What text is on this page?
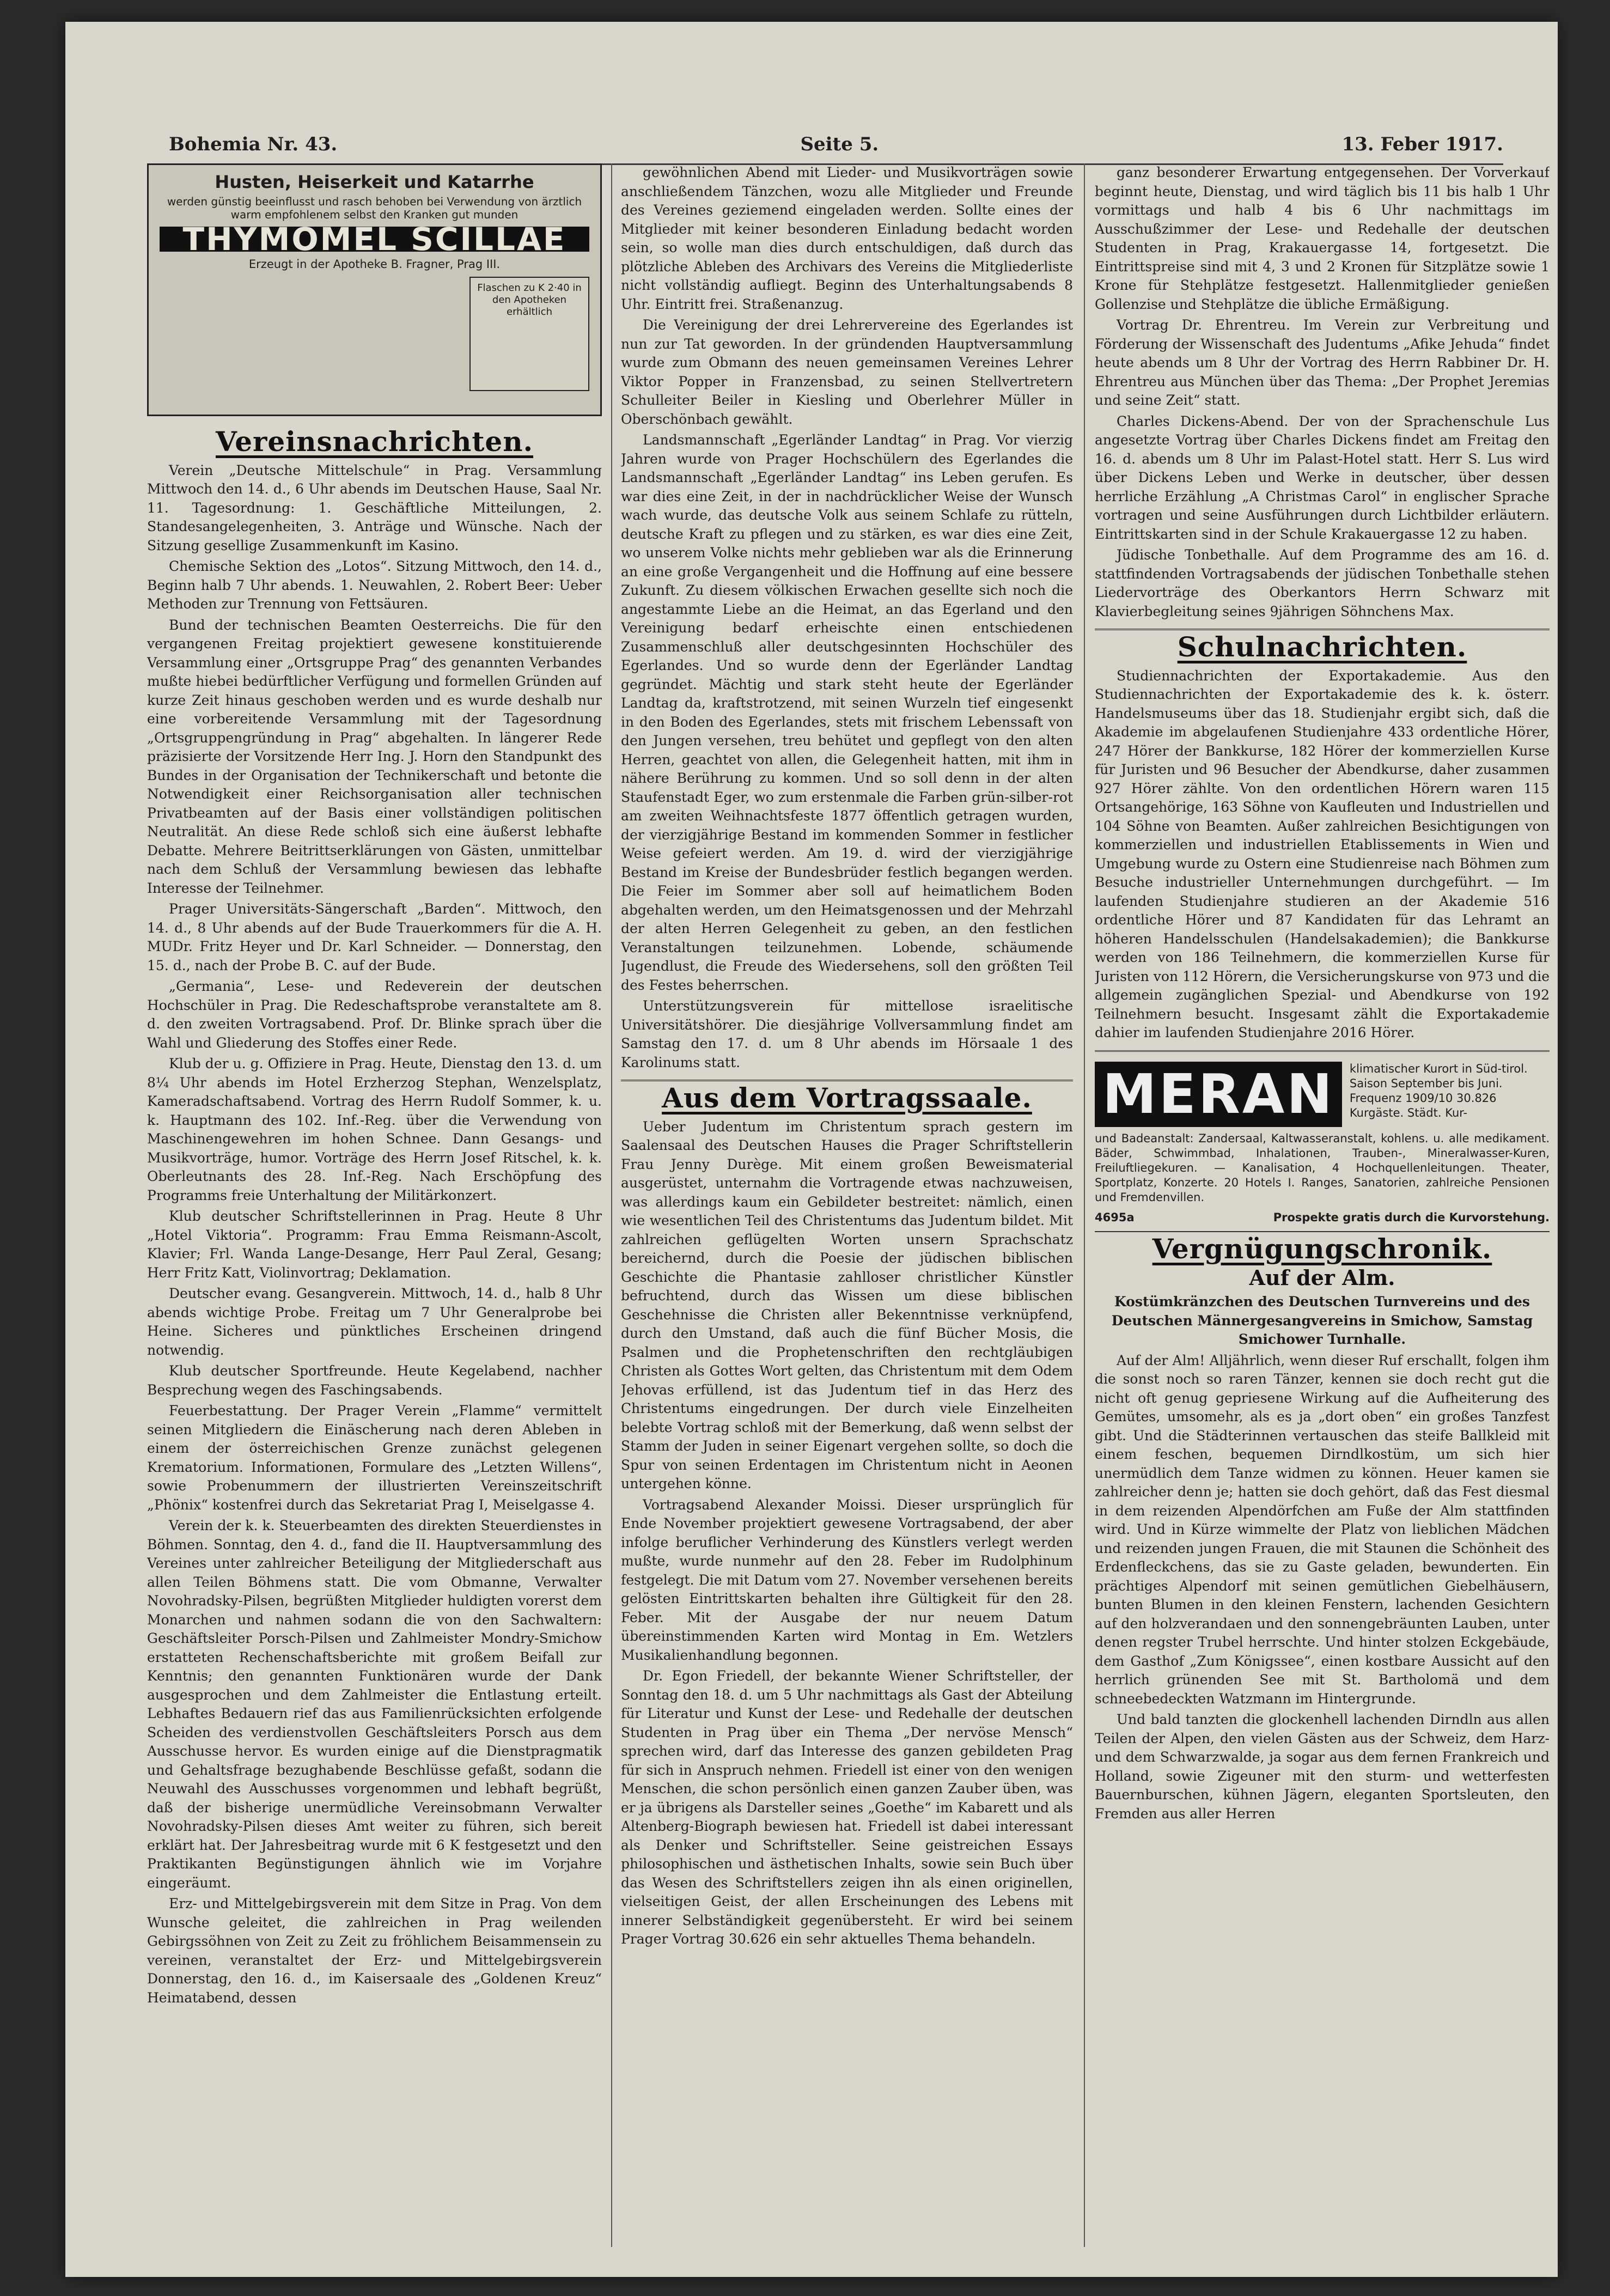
Bohemia Nr. 43.	Seite 5.	13. Feber 1917.
Husten, Heiserkeit und Katarrhe
werden günstig beeinflusst und rasch behoben bei Verwendung von ärztlich warm empfohlenem selbst den Kranken gut munden
THYMOMEL SCILLAE
Erzeugt in der Apotheke B. Fragner, Prag III.
Flaschen zu K 2·40 in den Apotheken erhältlich
Vereinsnachrichten.

Verein „Deutsche Mittelschule“ in Prag. Versammlung Mittwoch den 14. d., 6 Uhr abends im Deutschen Hause, Saal Nr. 11. Tagesordnung: 1. Geschäftliche Mitteilungen, 2. Standesangelegenheiten, 3. Anträge und Wünsche. Nach der Sitzung gesellige Zusammenkunft im Kasino.

Chemische Sektion des „Lotos“. Sitzung Mittwoch, den 14. d., Beginn halb 7 Uhr abends. 1. Neuwahlen, 2. Robert Beer: Ueber Methoden zur Trennung von Fettsäuren.

Bund der technischen Beamten Oesterreichs. Die für den vergangenen Freitag projektiert gewesene konstituierende Versammlung einer „Ortsgruppe Prag“ des genannten Verbandes mußte hiebei bedürftlicher Verfügung und formellen Gründen auf kurze Zeit hinaus geschoben werden und es wurde deshalb nur eine vorbereitende Versammlung mit der Tagesordnung „Ortsgruppengründung in Prag“ abgehalten. In längerer Rede präzisierte der Vorsitzende Herr Ing. J. Horn den Standpunkt des Bundes in der Organisation der Technikerschaft und betonte die Notwendigkeit einer Reichsorganisation aller technischen Privatbeamten auf der Basis einer vollständigen politischen Neutralität. An diese Rede schloß sich eine äußerst lebhafte Debatte. Mehrere Beitrittserklärungen von Gästen, unmittelbar nach dem Schluß der Versammlung bewiesen das lebhafte Interesse der Teilnehmer.

Prager Universitäts-Sängerschaft „Barden“. Mittwoch, den 14. d., 8 Uhr abends auf der Bude Trauerkommers für die A. H. MUDr. Fritz Heyer und Dr. Karl Schneider. — Donnerstag, den 15. d., nach der Probe B. C. auf der Bude.

„Germania“, Lese- und Redeverein der deutschen Hochschüler in Prag. Die Redeschaftsprobe veranstaltete am 8. d. den zweiten Vortragsabend. Prof. Dr. Blinke sprach über die Wahl und Gliederung des Stoffes einer Rede.

Klub der u. g. Offiziere in Prag. Heute, Dienstag den 13. d. um 8¼ Uhr abends im Hotel Erzherzog Stephan, Wenzelsplatz, Kameradschaftsabend. Vortrag des Herrn Rudolf Sommer, k. u. k. Hauptmann des 102. Inf.-Reg. über die Verwendung von Maschinengewehren im hohen Schnee. Dann Gesangs- und Musikvorträge, humor. Vorträge des Herrn Josef Ritschel, k. k. Oberleutnants des 28. Inf.-Reg. Nach Erschöpfung des Programms freie Unterhaltung der Militärkonzert.

Klub deutscher Schriftstellerinnen in Prag. Heute 8 Uhr „Hotel Viktoria“. Programm: Frau Emma Reismann-Ascolt, Klavier; Frl. Wanda Lange-Desange, Herr Paul Zeral, Gesang; Herr Fritz Katt, Violinvortrag; Deklamation.

Deutscher evang. Gesangverein. Mittwoch, 14. d., halb 8 Uhr abends wichtige Probe. Freitag um 7 Uhr Generalprobe bei Heine. Sicheres und pünktliches Erscheinen dringend notwendig.

Klub deutscher Sportfreunde. Heute Kegelabend, nachher Besprechung wegen des Faschingsabends.

Feuerbestattung. Der Prager Verein „Flamme“ vermittelt seinen Mitgliedern die Einäscherung nach deren Ableben in einem der österreichischen Grenze zunächst gelegenen Krematorium. Informationen, Formulare des „Letzten Willens“, sowie Probenummern der illustrierten Vereinszeitschrift „Phönix“ kostenfrei durch das Sekretariat Prag I, Meiselgasse 4.

Verein der k. k. Steuerbeamten des direkten Steuerdienstes in Böhmen. Sonntag, den 4. d., fand die II. Hauptversammlung des Vereines unter zahlreicher Beteiligung der Mitgliederschaft aus allen Teilen Böhmens statt. Die vom Obmanne, Verwalter Novohradsky-Pilsen, begrüßten Mitglieder huldigten vorerst dem Monarchen und nahmen sodann die von den Sachwaltern: Geschäftsleiter Porsch-Pilsen und Zahlmeister Mondry-Smichow erstatteten Rechenschaftsberichte mit großem Beifall zur Kenntnis; den genannten Funktionären wurde der Dank ausgesprochen und dem Zahlmeister die Entlastung erteilt. Lebhaftes Bedauern rief das aus Familienrücksichten erfolgende Scheiden des verdienstvollen Geschäftsleiters Porsch aus dem Ausschusse hervor. Es wurden einige auf die Dienstpragmatik und Gehaltsfrage bezughabende Beschlüsse gefaßt, sodann die Neuwahl des Ausschusses vorgenommen und lebhaft begrüßt, daß der bisherige unermüdliche Vereinsobmann Verwalter Novohradsky-Pilsen dieses Amt weiter zu führen, sich bereit erklärt hat. Der Jahresbeitrag wurde mit 6 K festgesetzt und den Praktikanten Begünstigungen ähnlich wie im Vorjahre eingeräumt.

Erz- und Mittelgebirgsverein mit dem Sitze in Prag. Von dem Wunsche geleitet, die zahlreichen in Prag weilenden Gebirgssöhnen von Zeit zu Zeit zu fröhlichem Beisammensein zu vereinen, veranstaltet der Erz- und Mittelgebirgsverein Donnerstag, den 16. d., im Kaisersaale des „Goldenen Kreuz“ Heimatabend, dessen

gewöhnlichen Abend mit Lieder- und Musikvorträgen sowie anschließendem Tänzchen, wozu alle Mitglieder und Freunde des Vereines geziemend eingeladen werden. Sollte eines der Mitglieder mit keiner besonderen Einladung bedacht worden sein, so wolle man dies durch entschuldigen, daß durch das plötzliche Ableben des Archivars des Vereins die Mitgliederliste nicht vollständig aufliegt. Beginn des Unterhaltungsabends 8 Uhr. Eintritt frei. Straßenanzug.

Die Vereinigung der drei Lehrervereine des Egerlandes ist nun zur Tat geworden. In der gründenden Hauptversammlung wurde zum Obmann des neuen gemeinsamen Vereines Lehrer Viktor Popper in Franzensbad, zu seinen Stellvertretern Schulleiter Beiler in Kiesling und Oberlehrer Müller in Oberschönbach gewählt.

Landsmannschaft „Egerländer Landtag“ in Prag. Vor vierzig Jahren wurde von Prager Hochschülern des Egerlandes die Landsmannschaft „Egerländer Landtag“ ins Leben gerufen. Es war dies eine Zeit, in der in nachdrücklicher Weise der Wunsch wach wurde, das deutsche Volk aus seinem Schlafe zu rütteln, deutsche Kraft zu pflegen und zu stärken, es war dies eine Zeit, wo unserem Volke nichts mehr geblieben war als die Erinnerung an eine große Vergangenheit und die Hoffnung auf eine bessere Zukunft. Zu diesem völkischen Erwachen gesellte sich noch die angestammte Liebe an die Heimat, an das Egerland und den Vereinigung bedarf erheischte einen entschiedenen Zusammenschluß aller deutschgesinnten Hochschüler des Egerlandes. Und so wurde denn der Egerländer Landtag gegründet. Mächtig und stark steht heute der Egerländer Landtag da, kraftstrotzend, mit seinen Wurzeln tief eingesenkt in den Boden des Egerlandes, stets mit frischem Lebenssaft von den Jungen versehen, treu behütet und gepflegt von den alten Herren, geachtet von allen, die Gelegenheit hatten, mit ihm in nähere Berührung zu kommen. Und so soll denn in der alten Staufenstadt Eger, wo zum erstenmale die Farben grün-silber-rot am zweiten Weihnachtsfeste 1877 öffentlich getragen wurden, der vierzigjährige Bestand im kommenden Sommer in festlicher Weise gefeiert werden. Am 19. d. wird der vierzigjährige Bestand im Kreise der Bundesbrüder festlich begangen werden. Die Feier im Sommer aber soll auf heimatlichem Boden abgehalten werden, um den Heimatsgenossen und der Mehrzahl der alten Herren Gelegenheit zu geben, an den festlichen Veranstaltungen teilzunehmen. Lobende, schäumende Jugendlust, die Freude des Wiedersehens, soll den größten Teil des Festes beherrschen.

Unterstützungsverein für mittellose israelitische Universitätshörer. Die diesjährige Vollversammlung findet am Samstag den 17. d. um 8 Uhr abends im Hörsaale 1 des Karolinums statt.

Aus dem Vortragssaale.

Ueber Judentum im Christentum sprach gestern im Saalensaal des Deutschen Hauses die Prager Schriftstellerin Frau Jenny Durège. Mit einem großen Beweismaterial ausgerüstet, unternahm die Vortragende etwas nachzuweisen, was allerdings kaum ein Gebildeter bestreitet: nämlich, einen wie wesentlichen Teil des Christentums das Judentum bildet. Mit zahlreichen geflügelten Worten unsern Sprachschatz bereichernd, durch die Poesie der jüdischen biblischen Geschichte die Phantasie zahlloser christlicher Künstler befruchtend, durch das Wissen um diese biblischen Geschehnisse die Christen aller Bekenntnisse verknüpfend, durch den Umstand, daß auch die fünf Bücher Mosis, die Psalmen und die Prophetenschriften den rechtgläubigen Christen als Gottes Wort gelten, das Christentum mit dem Odem Jehovas erfüllend, ist das Judentum tief in das Herz des Christentums eingedrungen. Der durch viele Einzelheiten belebte Vortrag schloß mit der Bemerkung, daß wenn selbst der Stamm der Juden in seiner Eigenart vergehen sollte, so doch die Spur von seinen Erdentagen im Christentum nicht in Aeonen untergehen könne.

Vortragsabend Alexander Moissi. Dieser ursprünglich für Ende November projektiert gewesene Vortragsabend, der aber infolge beruflicher Verhinderung des Künstlers verlegt werden mußte, wurde nunmehr auf den 28. Feber im Rudolphinum festgelegt. Die mit Datum vom 27. November versehenen bereits gelösten Eintrittskarten behalten ihre Gültigkeit für den 28. Feber. Mit der Ausgabe der nur neuem Datum übereinstimmenden Karten wird Montag in Em. Wetzlers Musikalienhandlung begonnen.

Dr. Egon Friedell, der bekannte Wiener Schriftsteller, der Sonntag den 18. d. um 5 Uhr nachmittags als Gast der Abteilung für Literatur und Kunst der Lese- und Redehalle der deutschen Studenten in Prag über ein Thema „Der nervöse Mensch“ sprechen wird, darf das Interesse des ganzen gebildeten Prag für sich in Anspruch nehmen. Friedell ist einer von den wenigen Menschen, die schon persönlich einen ganzen Zauber üben, was er ja übrigens als Darsteller seines „Goethe“ im Kabarett und als Altenberg-Biograph bewiesen hat. Friedell ist dabei interessant als Denker und Schriftsteller. Seine geistreichen Essays philosophischen und ästhetischen Inhalts, sowie sein Buch über das Wesen des Schriftstellers zeigen ihn als einen originellen, vielseitigen Geist, der allen Erscheinungen des Lebens mit innerer Selbständigkeit gegenübersteht. Er wird bei seinem Prager Vortrag 30.626 ein sehr aktuelles Thema behandeln.

ganz besonderer Erwartung entgegensehen. Der Vorverkauf beginnt heute, Dienstag, und wird täglich bis 11 bis halb 1 Uhr vormittags und halb 4 bis 6 Uhr nachmittags im Ausschußzimmer der Lese- und Redehalle der deutschen Studenten in Prag, Krakauergasse 14, fortgesetzt. Die Eintrittspreise sind mit 4, 3 und 2 Kronen für Sitzplätze sowie 1 Krone für Stehplätze festgesetzt. Hallenmitglieder genießen Gollenzise und Stehplätze die übliche Ermäßigung.

Vortrag Dr. Ehrentreu. Im Verein zur Verbreitung und Förderung der Wissenschaft des Judentums „Afike Jehuda“ findet heute abends um 8 Uhr der Vortrag des Herrn Rabbiner Dr. H. Ehrentreu aus München über das Thema: „Der Prophet Jeremias und seine Zeit“ statt.

Charles Dickens-Abend. Der von der Sprachenschule Lus angesetzte Vortrag über Charles Dickens findet am Freitag den 16. d. abends um 8 Uhr im Palast-Hotel statt. Herr S. Lus wird über Dickens Leben und Werke in deutscher, über dessen herrliche Erzählung „A Christmas Carol“ in englischer Sprache vortragen und seine Ausführungen durch Lichtbilder erläutern. Eintrittskarten sind in der Schule Krakauergasse 12 zu haben.

Jüdische Tonbethalle. Auf dem Programme des am 16. d. stattfindenden Vortragsabends der jüdischen Tonbethalle stehen Liedervorträge des Oberkantors Herrn Schwarz mit Klavierbegleitung seines 9jährigen Söhnchens Max.

Schulnachrichten.

Studiennachrichten der Exportakademie. Aus den Studiennachrichten der Exportakademie des k. k. österr. Handelsmuseums über das 18. Studienjahr ergibt sich, daß die Akademie im abgelaufenen Studienjahre 433 ordentliche Hörer, 247 Hörer der Bankkurse, 182 Hörer der kommerziellen Kurse für Juristen und 96 Besucher der Abendkurse, daher zusammen 927 Hörer zählte. Von den ordentlichen Hörern waren 115 Ortsangehörige, 163 Söhne von Kaufleuten und Industriellen und 104 Söhne von Beamten. Außer zahlreichen Besichtigungen von kommerziellen und industriellen Etablissements in Wien und Umgebung wurde zu Ostern eine Studienreise nach Böhmen zum Besuche industrieller Unternehmungen durchgeführt. — Im laufenden Studienjahre studieren an der Akademie 516 ordentliche Hörer und 87 Kandidaten für das Lehramt an höheren Handelsschulen (Handelsakademien); die Bankkurse werden von 186 Teilnehmern, die kommerziellen Kurse für Juristen von 112 Hörern, die Versicherungskurse von 973 und die allgemein zugänglichen Spezial- und Abendkurse von 192 Teilnehmern besucht. Insgesamt zählt die Exportakademie dahier im laufenden Studienjahre 2016 Hörer.

MERAN	klimatischer Kurort in Süd-tirol. Saison September bis Juni. Frequenz 1909/10 30.826 Kurgäste. Städt. Kur-
und Badeanstalt: Zandersaal, Kaltwasseranstalt, kohlens. u. alle medikament. Bäder, Schwimmbad, Inhalationen, Trauben-, Mineralwasser-Kuren, Freiluftliegekuren. — Kanalisation, 4 Hochquellenleitungen. Theater, Sportplatz, Konzerte. 20 Hotels I. Ranges, Sanatorien, zahlreiche Pensionen und Fremdenvillen.
4695a	Prospekte gratis durch die Kurvorstehung.
Vergnügungschronik.
Auf der Alm.

Kostümkränzchen des Deutschen Turnvereins und des Deutschen Männergesangvereins in Smichow, Samstag Smichower Turnhalle.

Auf der Alm! Alljährlich, wenn dieser Ruf erschallt, folgen ihm die sonst noch so raren Tänzer, kennen sie doch recht gut die nicht oft genug gepriesene Wirkung auf die Aufheiterung des Gemütes, umsomehr, als es ja „dort oben“ ein großes Tanzfest gibt. Und die Städterinnen vertauschen das steife Ballkleid mit einem feschen, bequemen Dirndlkostüm, um sich hier unermüdlich dem Tanze widmen zu können. Heuer kamen sie zahlreicher denn je; hatten sie doch gehört, daß das Fest diesmal in dem reizenden Alpendörfchen am Fuße der Alm stattfinden wird. Und in Kürze wimmelte der Platz von lieblichen Mädchen und reizenden jungen Frauen, die mit Staunen die Schönheit des Erdenfleckchens, das sie zu Gaste geladen, bewunderten. Ein prächtiges Alpendorf mit seinen gemütlichen Giebelhäusern, bunten Blumen in den kleinen Fenstern, lachenden Gesichtern auf den holzverandaen und den sonnengebräunten Lauben, unter denen regster Trubel herrschte. Und hinter stolzen Eckgebäude, dem Gasthof „Zum Königssee“, einen kostbare Aussicht auf den herrlich grünenden See mit St. Bartholomä und dem schneebedeckten Watzmann im Hintergrunde.

Und bald tanzten die glockenhell lachenden Dirndln aus allen Teilen der Alpen, den vielen Gästen aus der Schweiz, dem Harz- und dem Schwarzwalde, ja sogar aus dem fernen Frankreich und Holland, sowie Zigeuner mit den sturm- und wetterfesten Bauernburschen, kühnen Jägern, eleganten Sportsleuten, den Fremden aus aller Herren
